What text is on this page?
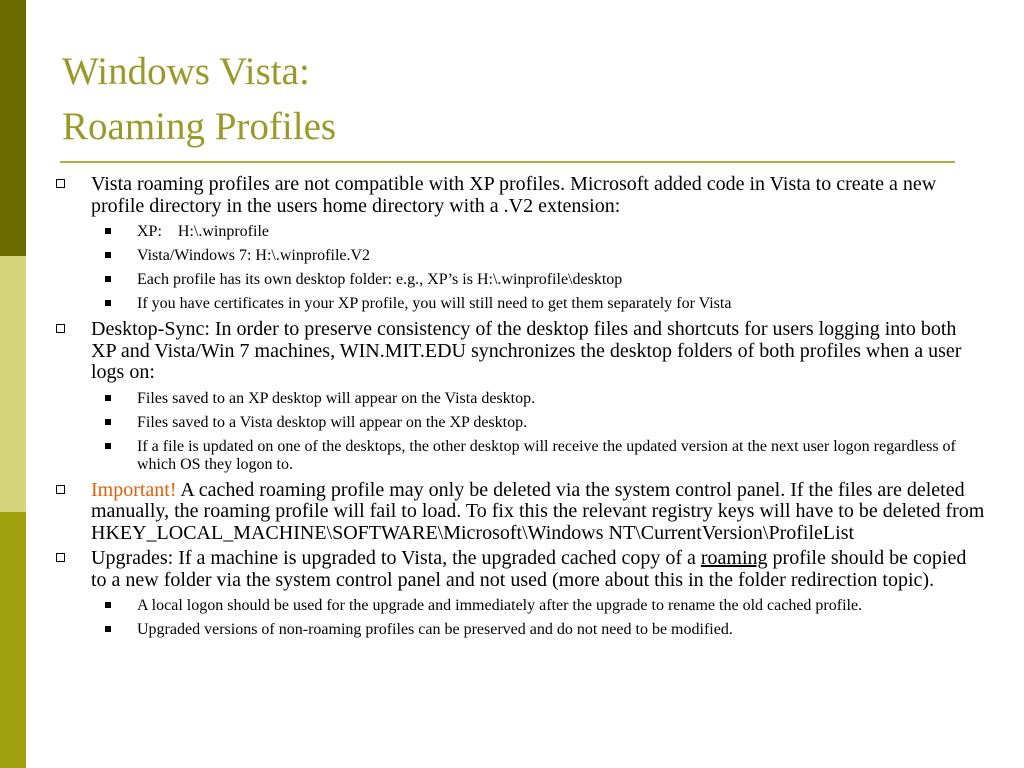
Windows Vista:
Roaming Profiles
Vista roaming profiles are not compatible with XP profiles. Microsoft added code in Vista to create a new profile directory in the users home directory with a .V2 extension:
XP:    H:\.winprofile
Vista/Windows 7: H:\.winprofile.V2
Each profile has its own desktop folder: e.g., XP’s is H:\.winprofile\desktop
If you have certificates in your XP profile, you will still need to get them separately for Vista
Desktop-Sync: In order to preserve consistency of the desktop files and shortcuts for users logging into both XP and Vista/Win 7 machines, WIN.MIT.EDU synchronizes the desktop folders of both profiles when a user logs on:
Files saved to an XP desktop will appear on the Vista desktop.
Files saved to a Vista desktop will appear on the XP desktop.
If a file is updated on one of the desktops, the other desktop will receive the updated version at the next user logon regardless of which OS they logon to.
Important! A cached roaming profile may only be deleted via the system control panel. If the files are deleted manually, the roaming profile will fail to load. To fix this the relevant registry keys will have to be deleted from HKEY_LOCAL_MACHINE\SOFTWARE\Microsoft\Windows NT\CurrentVersion\ProfileList
Upgrades: If a machine is upgraded to Vista, the upgraded cached copy of a roaming profile should be copied to a new folder via the system control panel and not used (more about this in the folder redirection topic).
A local logon should be used for the upgrade and immediately after the upgrade to rename the old cached profile.
Upgraded versions of non-roaming profiles can be preserved and do not need to be modified.
